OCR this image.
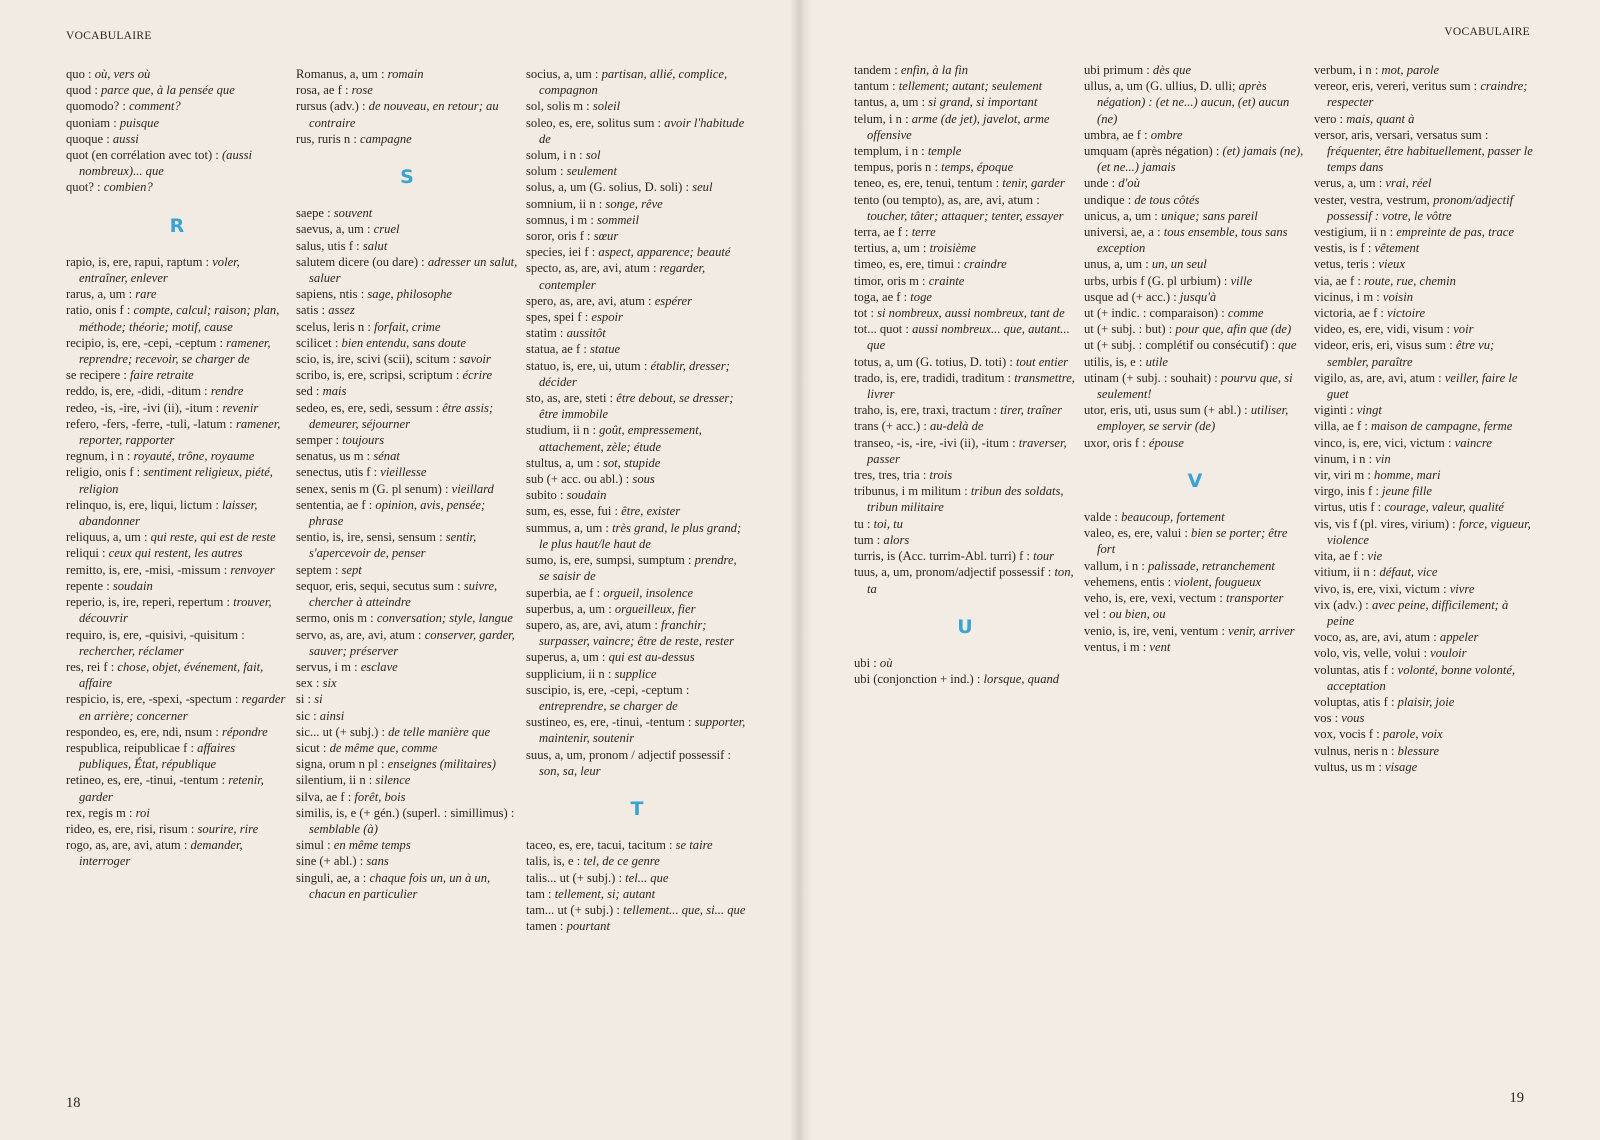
VOCABULAIRE
quo : où, vers où
quod : parce que, à la pensée que
quomodo? : comment?
quoniam : puisque
quoque : aussi
quot (en corrélation avec tot) : (aussi nombreux)... que
quot? : combien?
R
rapio, is, ere, rapui, raptum : voler, entraîner, enlever
rarus, a, um : rare
ratio, onis f : compte, calcul; raison; plan, méthode; théorie; motif, cause
recipio, is, ere, -cepi, -ceptum : ramener, reprendre; recevoir, se charger de
se recipere : faire retraite
reddo, is, ere, -didi, -ditum : rendre
redeo, -is, -ire, -ivi (ii), -itum : revenir
refero, -fers, -ferre, -tuli, -latum : ramener, reporter, rapporter
regnum, i n : royauté, trône, royaume
religio, onis f : sentiment religieux, piété, religion
relinquo, is, ere, liqui, lictum : laisser, abandonner
reliquus, a, um : qui reste, qui est de reste
reliqui : ceux qui restent, les autres
remitto, is, ere, -misi, -missum : renvoyer
repente : soudain
reperio, is, ire, reperi, repertum : trouver, découvrir
requiro, is, ere, -quisivi, -quisitum : rechercher, réclamer
res, rei f : chose, objet, événement, fait, affaire
respicio, is, ere, -spexi, -spectum : regarder en arrière; concerner
respondeo, es, ere, ndi, nsum : répondre
respublica, reipublicae f : affaires publiques, État, république
retineo, es, ere, -tinui, -tentum : retenir, garder
rex, regis m : roi
rideo, es, ere, risi, risum : sourire, rire
rogo, as, are, avi, atum : demander, interroger
Romanus, a, um : romain
rosa, ae f : rose
rursus (adv.) : de nouveau, en retour; au contraire
rus, ruris n : campagne
S
saepe : souvent
saevus, a, um : cruel
salus, utis f : salut
salutem dicere (ou dare) : adresser un salut, saluer
sapiens, ntis : sage, philosophe
satis : assez
scelus, leris n : forfait, crime
scilicet : bien entendu, sans doute
scio, is, ire, scivi (scii), scitum : savoir
scribo, is, ere, scripsi, scriptum : écrire
sed : mais
sedeo, es, ere, sedi, sessum : être assis; demeurer, séjourner
semper : toujours
senatus, us m : sénat
senectus, utis f : vieillesse
senex, senis m (G. pl senum) : vieillard
sententia, ae f : opinion, avis, pensée; phrase
sentio, is, ire, sensi, sensum : sentir, s'apercevoir de, penser
septem : sept
sequor, eris, sequi, secutus sum : suivre, chercher à atteindre
sermo, onis m : conversation; style, langue
servo, as, are, avi, atum : conserver, garder, sauver; préserver
servus, i m : esclave
sex : six
si : si
sic : ainsi
sic... ut (+ subj.) : de telle manière que
sicut : de même que, comme
signa, orum n pl : enseignes (militaires)
silentium, ii n : silence
silva, ae f : forêt, bois
similis, is, e (+ gén.) (superl. : simillimus) : semblable (à)
simul : en même temps
sine (+ abl.) : sans
singuli, ae, a : chaque fois un, un à un, chacun en particulier
socius, a, um : partisan, allié, complice, compagnon
sol, solis m : soleil
soleo, es, ere, solitus sum : avoir l'habitude de
solum, i n : sol
solum : seulement
solus, a, um (G. solius, D. soli) : seul
somnium, ii n : songe, rêve
somnus, i m : sommeil
soror, oris f : sœur
species, iei f : aspect, apparence; beauté
specto, as, are, avi, atum : regarder, contempler
spero, as, are, avi, atum : espérer
spes, spei f : espoir
statim : aussitôt
statua, ae f : statue
statuo, is, ere, ui, utum : établir, dresser; décider
sto, as, are, steti : être debout, se dresser; être immobile
studium, ii n : goût, empressement, attachement, zèle; étude
stultus, a, um : sot, stupide
sub (+ acc. ou abl.) : sous
subito : soudain
sum, es, esse, fui : être, exister
summus, a, um : très grand, le plus grand; le plus haut/le haut de
sumo, is, ere, sumpsi, sumptum : prendre, se saisir de
superbia, ae f : orgueil, insolence
superbus, a, um : orgueilleux, fier
supero, as, are, avi, atum : franchir; surpasser, vaincre; être de reste, rester
superus, a, um : qui est au-dessus
supplicium, ii n : supplice
suscipio, is, ere, -cepi, -ceptum : entreprendre, se charger de
sustineo, es, ere, -tinui, -tentum : supporter, maintenir, soutenir
suus, a, um, pronom / adjectif possessif : son, sa, leur
T
taceo, es, ere, tacui, tacitum : se taire
talis, is, e : tel, de ce genre
talis... ut (+ subj.) : tel... que
tam : tellement, si; autant
tam... ut (+ subj.) : tellement... que, si... que
tamen : pourtant
18
VOCABULAIRE
tandem : enfin, à la fin
tantum : tellement; autant; seulement
tantus, a, um : si grand, si important
telum, i n : arme (de jet), javelot, arme offensive
templum, i n : temple
tempus, poris n : temps, époque
teneo, es, ere, tenui, tentum : tenir, garder
tento (ou tempto), as, are, avi, atum : toucher, tâter; attaquer; tenter, essayer
terra, ae f : terre
tertius, a, um : troisième
timeo, es, ere, timui : craindre
timor, oris m : crainte
toga, ae f : toge
tot : si nombreux, aussi nombreux, tant de
tot... quot : aussi nombreux... que, autant... que
totus, a, um (G. totius, D. toti) : tout entier
trado, is, ere, tradidi, traditum : transmettre, livrer
traho, is, ere, traxi, tractum : tirer, traîner
trans (+ acc.) : au-delà de
transeo, -is, -ire, -ivi (ii), -itum : traverser, passer
tres, tres, tria : trois
tribunus, i m militum : tribun des soldats, tribun militaire
tu : toi, tu
tum : alors
turris, is (Acc. turrim-Abl. turri) f : tour
tuus, a, um, pronom/adjectif possessif : ton, ta
U
ubi : où
ubi (conjonction + ind.) : lorsque, quand
ubi primum : dès que
ullus, a, um (G. ullius, D. ulli; après négation) : (et ne...) aucun, (et) aucun (ne)
umbra, ae f : ombre
umquam (après négation) : (et) jamais (ne), (et ne...) jamais
unde : d'où
undique : de tous côtés
unicus, a, um : unique; sans pareil
universi, ae, a : tous ensemble, tous sans exception
unus, a, um : un, un seul
urbs, urbis f (G. pl urbium) : ville
usque ad (+ acc.) : jusqu'à
ut (+ indic. : comparaison) : comme
ut (+ subj. : but) : pour que, afin que (de)
ut (+ subj. : complétif ou consécutif) : que
utilis, is, e : utile
utinam (+ subj. : souhait) : pourvu que, si seulement!
utor, eris, uti, usus sum (+ abl.) : utiliser, employer, se servir (de)
uxor, oris f : épouse
V
valde : beaucoup, fortement
valeo, es, ere, valui : bien se porter; être fort
vallum, i n : palissade, retranchement
vehemens, entis : violent, fougueux
veho, is, ere, vexi, vectum : transporter
vel : ou bien, ou
venio, is, ire, veni, ventum : venir, arriver
ventus, i m : vent
verbum, i n : mot, parole
vereor, eris, vereri, veritus sum : craindre; respecter
vero : mais, quant à
versor, aris, versari, versatus sum : fréquenter, être habituellement, passer le temps dans
verus, a, um : vrai, réel
vester, vestra, vestrum, pronom/adjectif possessif : votre, le vôtre
vestigium, ii n : empreinte de pas, trace
vestis, is f : vêtement
vetus, teris : vieux
via, ae f : route, rue, chemin
vicinus, i m : voisin
victoria, ae f : victoire
video, es, ere, vidi, visum : voir
videor, eris, eri, visus sum : être vu; sembler, paraître
vigilo, as, are, avi, atum : veiller, faire le guet
viginti : vingt
villa, ae f : maison de campagne, ferme
vinco, is, ere, vici, victum : vaincre
vinum, i n : vin
vir, viri m : homme, mari
virgo, inis f : jeune fille
virtus, utis f : courage, valeur, qualité
vis, vis f (pl. vires, virium) : force, vigueur, violence
vita, ae f : vie
vitium, ii n : défaut, vice
vivo, is, ere, vixi, victum : vivre
vix (adv.) : avec peine, difficilement; à peine
voco, as, are, avi, atum : appeler
volo, vis, velle, volui : vouloir
voluntas, atis f : volonté, bonne volonté, acceptation
voluptas, atis f : plaisir, joie
vos : vous
vox, vocis f : parole, voix
vulnus, neris n : blessure
vultus, us m : visage
19
